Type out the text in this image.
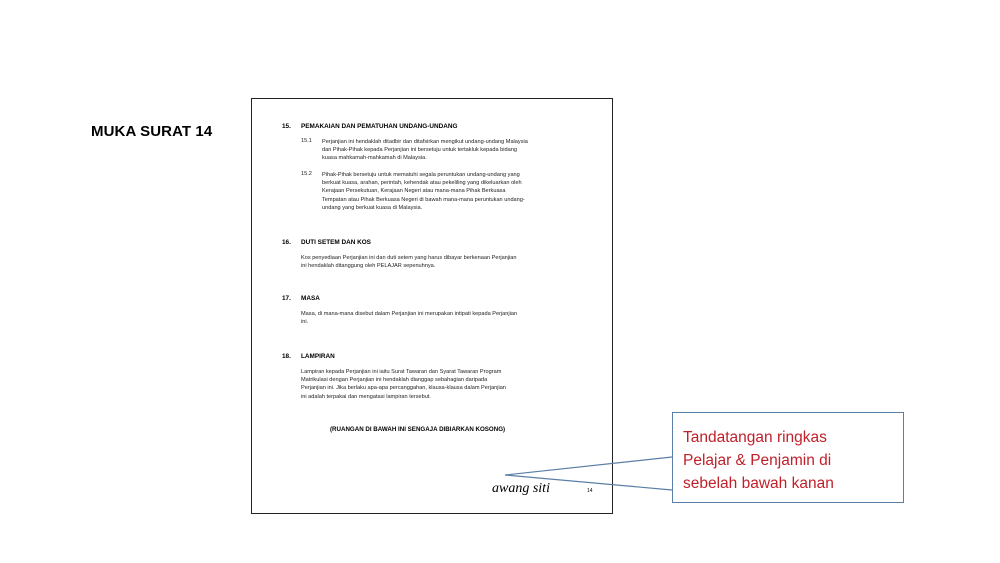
MUKA SURAT 14	15. PEMAKAIAN DAN PEMATUHAN UNDANG-UNDANG
15.1 Perjanjian ini hendaklah ditadbir dan ditafsirkan mengikut undang-undang Malaysia
dan Pihak-Pihak kepada Perjanjian ini bersetuju untuk tertakluk kepada bidang
kuasa mahkamah-mahkamah di Malaysia.
15.2 Pihak-Pihak bersetuju untuk mematuhi segala peruntukan undang-undang yang
berkuat kuasa, arahan, perintah, kehendak atau pekeliling yang dikeluarkan oleh
Kerajaan Persekutuan, Kerajaan Negeri atau mana-mana Pihak Berkuasa
Tempatan atau Pihak Berkuasa Negeri di bawah mana-mana peruntukan undang-
undang yang berkuat kuasa di Malaysia.
16. DUTI SETEM DAN KOS
Kos penyediaan Perjanjian ini dan duti setem yang harus dibayar berkenaan Perjanjian
ini hendaklah ditanggung oleh PELAJAR sepenuhnya.
17. MASA
Masa, di mana-mana disebut dalam Perjanjian ini merupakan intipati kepada Perjanjian
ini.
18. LAMPIRAN
Lampiran kepada Perjanjian ini iaitu Surat Tawaran dan Syarat Tawaran Program
Matrikulasi dengan Perjanjian ini hendaklah dianggap sebahagian daripada
Perjanjian ini. Jika berlaku apa-apa percanggahan, klausa-klausa dalam Perjanjian
ini adalah terpakai dan mengatasi lampiran tersebut.
(RUANGAN DI BAWAH INI SENGAJA DIBIARKAN KOSONG)
awang siti	14
Tandatangan ringkas
Pelajar & Penjamin di
sebelah bawah kanan
